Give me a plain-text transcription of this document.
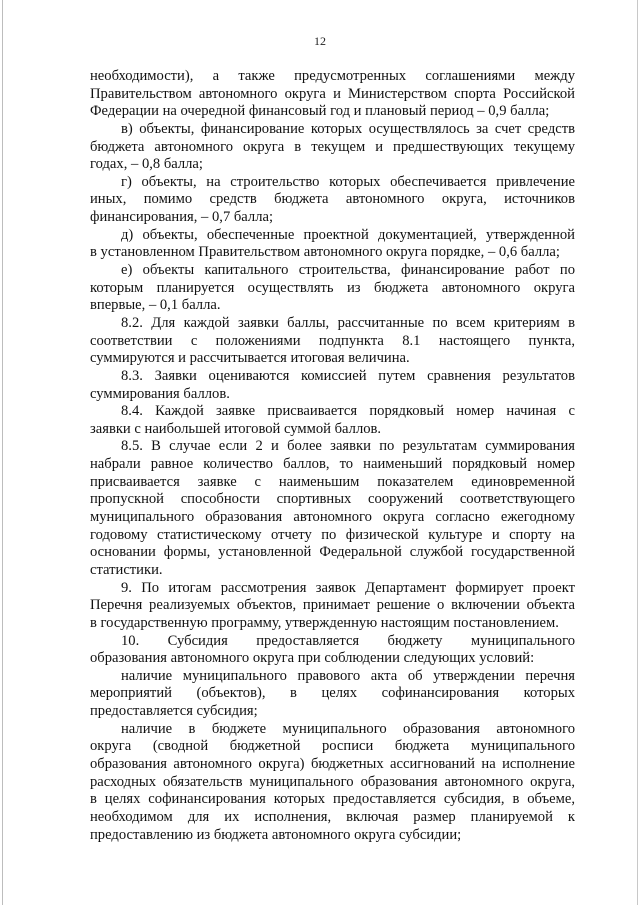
12
необходимости), а также предусмотренных соглашениями между
Правительством автономного округа и Министерством спорта Российской
Федерации на очередной финансовый год и плановый период – 0,9 балла;
в) объекты, финансирование которых осуществлялось за счет средств
бюджета автономного округа в текущем и предшествующих текущему
годах, – 0,8 балла;
г) объекты, на строительство которых обеспечивается привлечение
иных, помимо средств бюджета автономного округа, источников
финансирования, – 0,7 балла;
д) объекты, обеспеченные проектной документацией, утвержденной
в установленном Правительством автономного округа порядке, – 0,6 балла;
е) объекты капитального строительства, финансирование работ по
которым планируется осуществлять из бюджета автономного округа
впервые, – 0,1 балла.
8.2. Для каждой заявки баллы, рассчитанные по всем критериям в
соответствии с положениями подпункта 8.1 настоящего пункта,
суммируются и рассчитывается итоговая величина.
8.3. Заявки оцениваются комиссией путем сравнения результатов
суммирования баллов.
8.4. Каждой заявке присваивается порядковый номер начиная с
заявки с наибольшей итоговой суммой баллов.
8.5. В случае если 2 и более заявки по результатам суммирования
набрали равное количество баллов, то наименьший порядковый номер
присваивается заявке с наименьшим показателем единовременной
пропускной способности спортивных сооружений соответствующего
муниципального образования автономного округа согласно ежегодному
годовому статистическому отчету по физической культуре и спорту на
основании формы, установленной Федеральной службой государственной
статистики.
9. По итогам рассмотрения заявок Департамент формирует проект
Перечня реализуемых объектов, принимает решение о включении объекта
в государственную программу, утвержденную настоящим постановлением.
10. Субсидия предоставляется бюджету муниципального
образования автономного округа при соблюдении следующих условий:
наличие муниципального правового акта об утверждении перечня
мероприятий (объектов), в целях софинансирования которых
предоставляется субсидия;
наличие в бюджете муниципального образования автономного
округа (сводной бюджетной росписи бюджета муниципального
образования автономного округа) бюджетных ассигнований на исполнение
расходных обязательств муниципального образования автономного округа,
в целях софинансирования которых предоставляется субсидия, в объеме,
необходимом для их исполнения, включая размер планируемой к
предоставлению из бюджета автономного округа субсидии;
